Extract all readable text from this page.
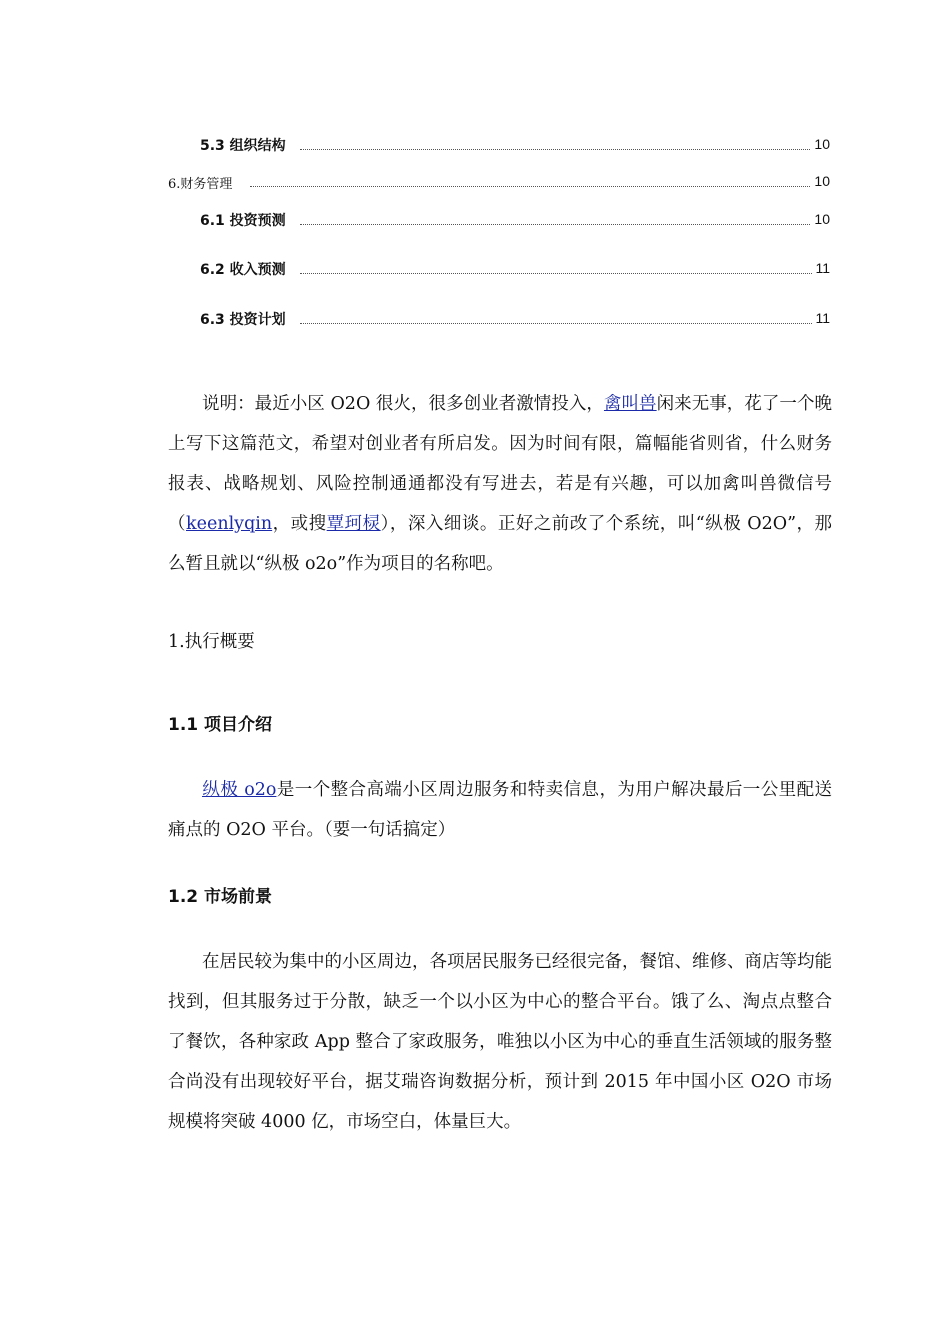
5.3 组织结构	10
6.财务管理	10
6.1 投资预测	10
6.2 收入预测	11
6.3 投资计划	11

说明：最近小区 O2O 很火，很多创业者激情投入，禽叫兽闲来无事，花了一个晚上写下这篇范文，希望对创业者有所启发。因为时间有限，篇幅能省则省，什么财务报表、战略规划、风险控制通通都没有写进去，若是有兴趣，可以加禽叫兽微信号（keenlyqin，或搜覃珂棂），深入细谈。正好之前改了个系统，叫“纵极 O2O”，那么暂且就以“纵极 o2o”作为项目的名称吧。

1.执行概要
1.1 项目介绍

纵极 o2o是一个整合高端小区周边服务和特卖信息，为用户解决最后一公里配送痛点的 O2O 平台。（要一句话搞定）

1.2 市场前景

在居民较为集中的小区周边，各项居民服务已经很完备，餐馆、维修、商店等均能找到，但其服务过于分散，缺乏一个以小区为中心的整合平台。饿了么、淘点点整合了餐饮，各种家政 App 整合了家政服务，唯独以小区为中心的垂直生活领域的服务整合尚没有出现较好平台，据艾瑞咨询数据分析，预计到 2015 年中国小区 O2O 市场规模将突破 4000 亿，市场空白，体量巨大。
